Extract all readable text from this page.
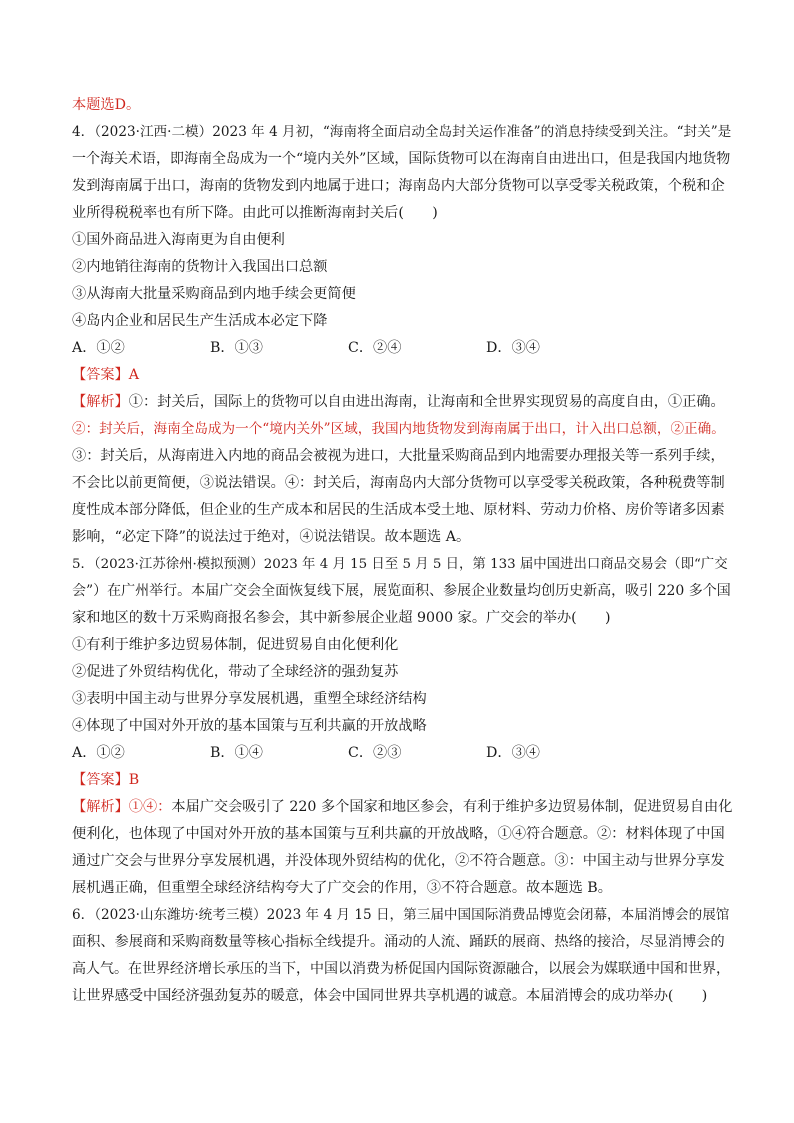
本题选D。
4．（2023·江西·二模）2023 年 4 月初，“海南将全面启动全岛封关运作准备”的消息持续受到关注。“封关”是
一个海关术语，即海南全岛成为一个“境内关外”区域，国际货物可以在海南自由进出口，但是我国内地货物
发到海南属于出口，海南的货物发到内地属于进口；海南岛内大部分货物可以享受零关税政策，个税和企
业所得税税率也有所下降。由此可以推断海南封关后(　　)
①国外商品进入海南更为自由便利
②内地销往海南的货物计入我国出口总额
③从海南大批量采购商品到内地手续会更简便
④岛内企业和居民生产生活成本必定下降
A．①②	B．①③	C．②④	D．③④
【答案】A
【解析】①：封关后，国际上的货物可以自由进出海南，让海南和全世界实现贸易的高度自由，①正确。
②：封关后，海南全岛成为一个“境内关外”区域，我国内地货物发到海南属于出口，计入出口总额，②正确。
③：封关后，从海南进入内地的商品会被视为进口，大批量采购商品到内地需要办理报关等一系列手续，
不会比以前更简便，③说法错误。④：封关后，海南岛内大部分货物可以享受零关税政策，各种税费等制
度性成本部分降低，但企业的生产成本和居民的生活成本受土地、原材料、劳动力价格、房价等诸多因素
影响，“必定下降”的说法过于绝对，④说法错误。故本题选 A。
5．（2023·江苏徐州·模拟预测）2023 年 4 月 15 日至 5 月 5 日，第 133 届中国进出口商品交易会（即“广交
会”）在广州举行。本届广交会全面恢复线下展，展览面积、参展企业数量均创历史新高，吸引 220 多个国
家和地区的数十万采购商报名参会，其中新参展企业超 9000 家。广交会的举办(　　)
①有利于维护多边贸易体制，促进贸易自由化便利化
②促进了外贸结构优化，带动了全球经济的强劲复苏
③表明中国主动与世界分享发展机遇，重塑全球经济结构
④体现了中国对外开放的基本国策与互利共赢的开放战略
A．①②	B．①④	C．②③	D．③④
【答案】B
【解析】①④：本届广交会吸引了 220 多个国家和地区参会，有利于维护多边贸易体制，促进贸易自由化
便利化，也体现了中国对外开放的基本国策与互利共赢的开放战略，①④符合题意。②：材料体现了中国
通过广交会与世界分享发展机遇，并没体现外贸结构的优化，②不符合题意。③：中国主动与世界分享发
展机遇正确，但重塑全球经济结构夸大了广交会的作用，③不符合题意。故本题选 B。
6．（2023·山东潍坊·统考三模）2023 年 4 月 15 日，第三届中国国际消费品博览会闭幕，本届消博会的展馆
面积、参展商和采购商数量等核心指标全线提升。涌动的人流、踊跃的展商、热络的接洽，尽显消博会的
高人气。在世界经济增长承压的当下，中国以消费为桥促国内国际资源融合，以展会为媒联通中国和世界，
让世界感受中国经济强劲复苏的暖意，体会中国同世界共享机遇的诚意。本届消博会的成功举办(　　)
